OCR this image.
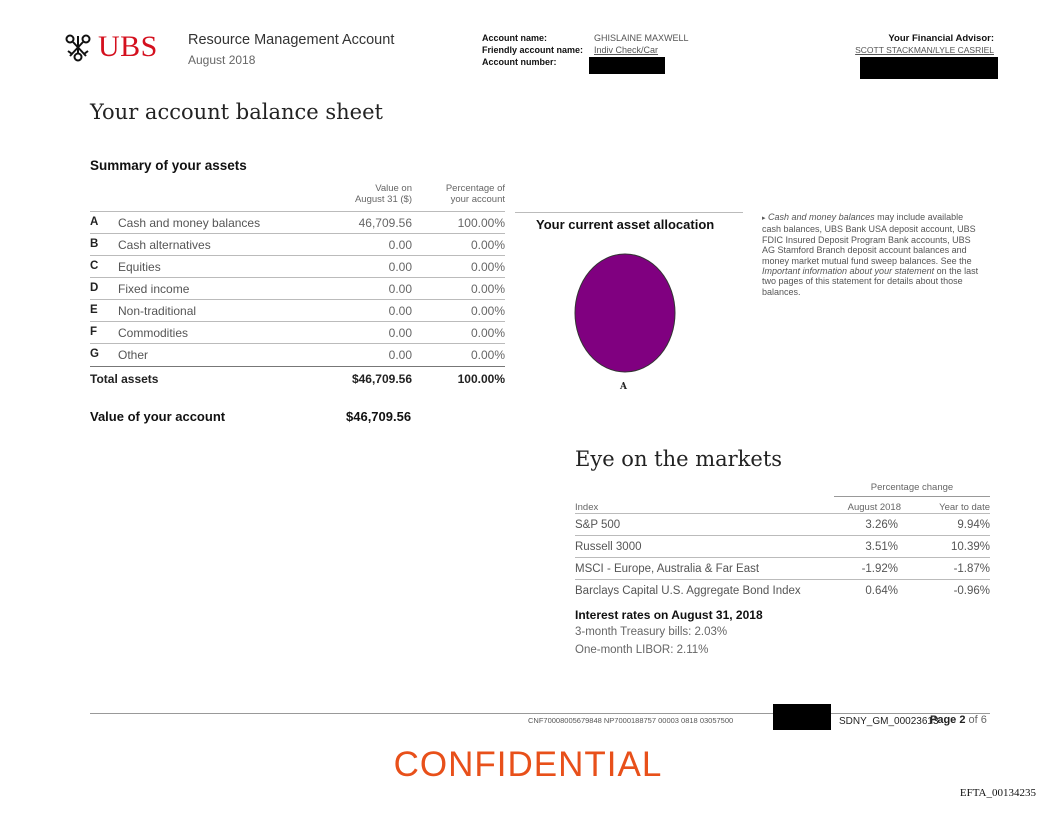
UBS Resource Management Account
August 2018
Account name:	GHISLAINE MAXWELL
Friendly account name: Indiv Check/Car
Account number:
Your Financial Advisor:
SCOTT STACKMAN/LYLE CASRIEL
Your account balance sheet
Summary of your assets
Value on
August 31 ($)
Percentage of
your account
A Cash and money balances	46,709.56	100.00%
B Cash alternatives	0.00	0.00%
C Equities	0.00	0.00%
D Fixed income	0.00	0.00%
E Non-traditional	0.00	0.00%
F Commodities	0.00	0.00%
G Other	0.00	0.00%
Total assets	$46,709.56	100.00%
Value of your account	$46,709.56
Your current asset allocation
A
▸ Cash and money balances may include available cash balances, UBS Bank USA deposit account, UBS FDIC Insured Deposit Program Bank accounts, UBS AG Stamford Branch deposit account balances and money market mutual fund sweep balances. See the Important information about your statement on the last two pages of this statement for details about those balances.
Eye on the markets
Percentage change
Index	August 2018	Year to date
S&P 500	3.26%	9.94%
Russell 3000	3.51%	10.39%
MSCI - Europe, Australia & Far East	-1.92%	-1.87%
Barclays Capital U.S. Aggregate Bond Index	0.64%	-0.96%
Interest rates on August 31, 2018
3-month Treasury bills: 2.03%
One-month LIBOR: 2.11%
CNF70008005679848 NP7000188757 00003 0818 03057500	SDNY_GM_00023613
Page 2 of 6
CONFIDENTIAL
EFTA_00134235
